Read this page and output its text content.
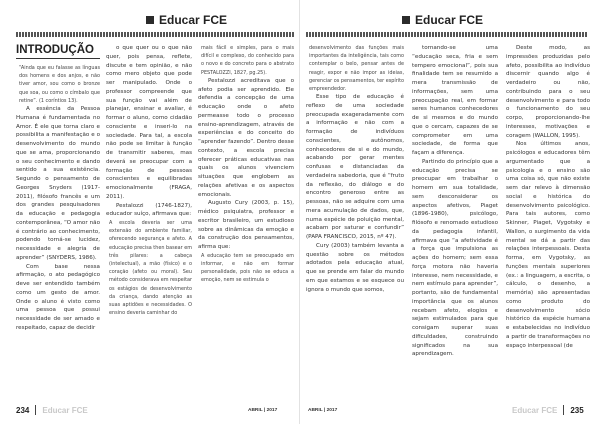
Educar FCE
INTRODUÇÃO

“Ainda que eu falasse as línguas dos homens e dos anjos, e não tiver amor, sou como o bronze que soa, ou como o címbalo que retine”. (1 coríntios 13).

A essência da Pessoa Humana é fundamentada no Amor. É ele que torna claro e possibilita a manifestação e o desenvolvimento do mundo que se ama, proporcionando o seu conhecimento e dando sentido a sua existência. Segundo o pensamento de Georges Snyders (1917-2011), filósofo francês e um dos grandes pesquisadores da educação e pedagogia contemporânea, “O amor não é contrário ao conhecimento, podendo torná-se lucidez, necessidade e alegria de aprender” (SNYDERS, 1986).

Com base nessa afirmação, o ato pedagógico deve ser entendido também como um gesto de amor. Onde o aluno é visto como uma pessoa que possui necessidade de ser amado e respeitado, capaz de decidir

o que quer ou o que não quer, pois pensa, reflete, discute e tem opinião, e não como mero objeto que pode ser manipulado. Onde o professor compreende que sua função vai além de planejar, ensinar e avaliar, é formar o aluno, como cidadão consciente e inseri-lo na sociedade. Para tal, a escola não pode se limitar à função de transmitir saberes, mas deverá se preocupar com a formação de pessoas conscientes e equilibradas emocionalmente (FRAGA, 2011).

Pestalozzi (1746-1827), educador suíço, afirmava que:

A escola deveria ser uma extensão do ambiente familiar, oferecendo segurança e afeto. A educação precisa then basear em três pilares: a cabeça (intelectual), a mão (físico) e o coração (afeto ou moral). Seu método considerava em respeitar os estágios de desenvolvimento da criança, dando atenção as suas aptidões e necessidades. O ensino deveria caminhar do

mais fácil e simples, para o mais difícil e complexo, do conhecido para o novo e do concreto para o abstrato PESTALOZZI, 1827, pg.25).

Pestalozzi acreditava que o afeto podia ser aprendido. Ele defendia a concepção de uma educação onde o afeto permeasse todo o processo ensino-aprendizagem, através de experiências e do conceito do “aprender fazendo”. Dentro desse contexto, a escola precisa oferecer práticas educativas nas quais os alunos vivenciem situações que englobem as relações afetivas e os aspectos emocionais.

Augusto Cury (2003, p. 15), médico psiquiatra, professor e escritor brasileiro, um estudioso sobre as dinâmicas da emoção e da construção dos pensamentos, afirma que:

A educação tem se preocupado em informar, e não em formar personalidade, pois não se educa a emoção, nem se estimula o

234 Educar FCE	ABRIL | 2017
Educar FCE

desenvolvimento das funções mais importantes da inteligência, tais como contemplar o belo, pensar antes de reagir, expor e não impor as ideias, gerenciar os pensamentos, ter espírito empreendedor.

Esse tipo de educação é reflexo de uma sociedade preocupada exageradamente com a informação e não com a formação de indivíduos conscientes, autônomos, conhecedores de si e do mundo, acabando por gerar mentes confusas e distanciadas da verdadeira sabedoria, que é “fruto da reflexão, do diálogo e do encontro generoso entre as pessoas, não se adquire com uma mera acumulação de dados, que, numa espécie de poluição mental, acabam por saturar e confundir” (PAPA FRANCISCO, 2015, nº 47).

Cury (2003) também levanta a questão sobre os métodos adotados pela educação atual, que se prende em falar do mundo em que estamos e se esquece ou ignora o mundo que somos,

tornando-se uma “educação seca, fria e sem tempero emocional”, pois sua finalidade tem se resumido a mera transmissão de informações, sem uma preocupação real, em formar seres humanos conhecedores de si mesmos e do mundo que o cercam, capazes de se comprometer em uma sociedade, de forma que façam a diferença.

Partindo do princípio que a educação precisa se preocupar em trabalhar o homem em sua totalidade, sem desconsiderar os aspectos afetivos, Piaget (1896-1980), psicólogo, filósofo e renomado estudioso da pedagogia infantil, afirmava que “a afetividade é a força que impulsiona as ações do homem; sem essa força motora não haveria interesse, nem necessidade, e nem estímulo para aprender”, portanto, são de fundamental importância que os alunos recebam afeto, elogios e sejam estimulados para que consigam superar suas dificuldades, construindo significados na sua aprendizagem.

Deste modo, as impressões produzidas pelo afeto, possibilita ao indivíduo discernir quando algo é verdadeiro ou não, contribuindo para o seu desenvolvimento e para todo o funcionamento do seu corpo, proporcionando-lhe interesses, motivações e coragem (WALLON, 1995).

Nos últimos anos, psicólogos e educadores têm argumentado que a psicologia e o ensino são uma coisa só, que não existe sem dar relevo à dimensão social e histórica do desenvolvimento psicológico. Para tais autores, como Skinner, Piaget, Vygotsky e Wallon, o surgimento da vida mental se dá a partir das relações interpessoais. Desta forma, em Vygotsky, as funções mentais superiores (ex.: a linguagem, a escrita, o cálculo, o desenho, a memória) são apresentadas como produto do desenvolvimento sócio histórico da espécie humana e estabelecidas no indivíduo a partir de transformações no espaço interpessoal (de

ABRIL | 2017	Educar FCE 235
